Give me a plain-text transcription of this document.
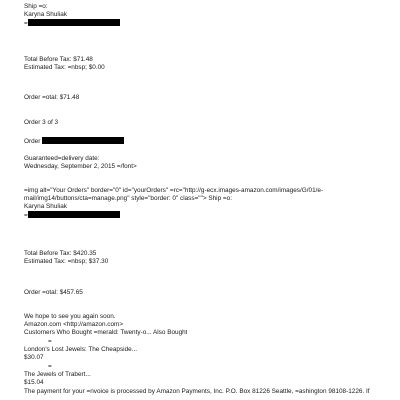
Ship =o:
Karyna Shuliak
=
Total Before Tax: $71.48
Estimated Tax: =nbsp; $0.00
Order =otal: $71.48
Order 3 of 3
Order
Guaranteed=delivery date:
Wednesday, September 2, 2015 =/font>
=img alt="Your Orders" border="0" id="yourOrders" =rc="http://g-ecx.images-amazon.com/images/G/01/e-
mail/img14/buttons/cta=manage.png" style="border: 0" class=""> Ship =o:
Karyna Shuliak
=
Total Before Tax: $420.35
Estimated Tax: =nbsp; $37.30
Order =otal: $457.65
We hope to see you again soon.
Amazon.com <http://amazon.com>
Customers Who Bought =merald: Twenty-o... Also Bought
=
London's Lost Jewels: The Cheapside...
$30.07
=
The Jewels of Trabert...
$15.04
The payment for your =nvoice is processed by Amazon Payments, Inc. P.O. Box 81226 Seattle, =ashington 98108-1226. If
